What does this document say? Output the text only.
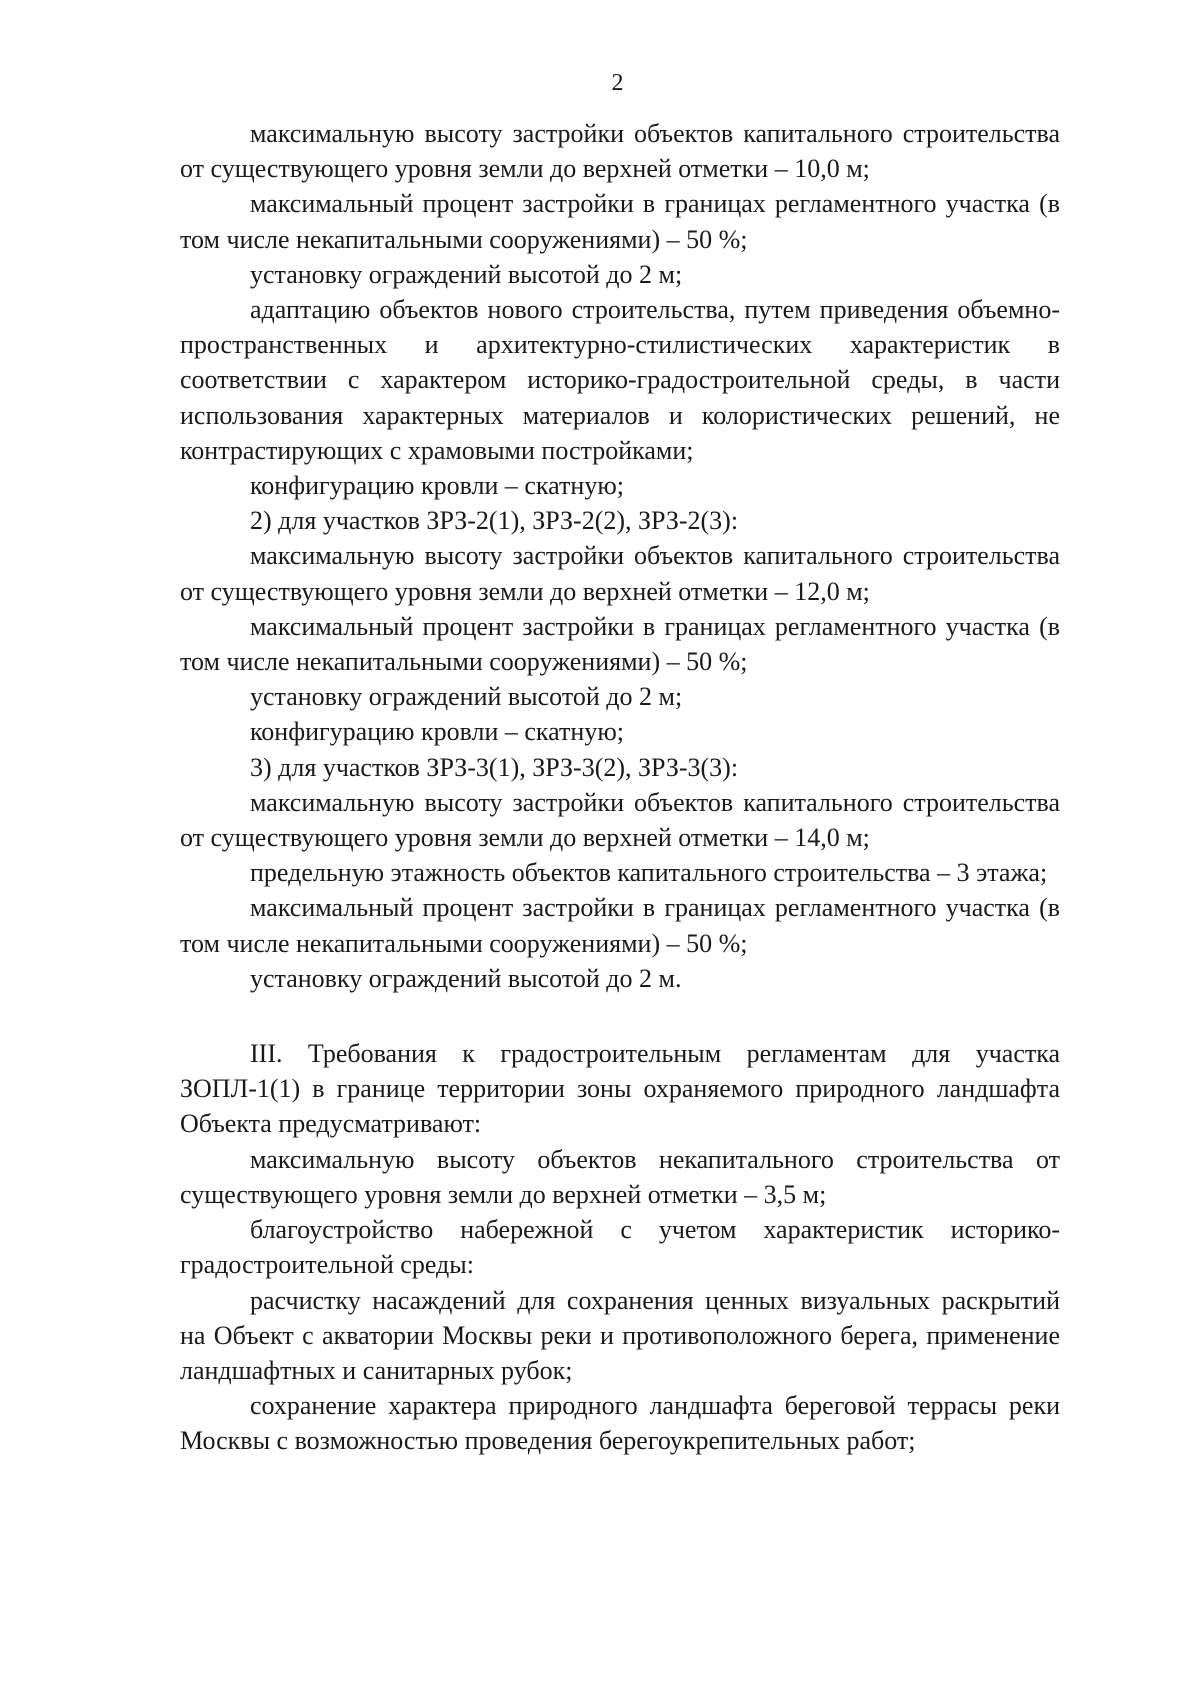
2

максимальную высоту застройки объектов капитального строительства от существующего уровня земли до верхней отметки – 10,0 м;

максимальный процент застройки в границах регламентного участка (в том числе некапитальными сооружениями) – 50 %;

установку ограждений высотой до 2 м;

адаптацию объектов нового строительства, путем приведения объемно-пространственных и архитектурно-стилистических характеристик в соответствии с характером историко-градостроительной среды, в части использования характерных материалов и колористических решений, не контрастирующих с храмовыми постройками;

конфигурацию кровли – скатную;

2) для участков ЗРЗ-2(1), ЗРЗ-2(2), ЗРЗ-2(3):

максимальную высоту застройки объектов капитального строительства от существующего уровня земли до верхней отметки – 12,0 м;

максимальный процент застройки в границах регламентного участка (в том числе некапитальными сооружениями) – 50 %;

установку ограждений высотой до 2 м;

конфигурацию кровли – скатную;

3) для участков ЗРЗ-3(1), ЗРЗ-3(2), ЗРЗ-3(3):

максимальную высоту застройки объектов капитального строительства от существующего уровня земли до верхней отметки – 14,0 м;

предельную этажность объектов капитального строительства – 3 этажа;

максимальный процент застройки в границах регламентного участка (в том числе некапитальными сооружениями) – 50 %;

установку ограждений высотой до 2 м.

III. Требования к градостроительным регламентам для участка ЗОПЛ-1(1) в границе территории зоны охраняемого природного ландшафта Объекта предусматривают:

максимальную высоту объектов некапитального строительства от существующего уровня земли до верхней отметки – 3,5 м;

благоустройство набережной с учетом характеристик историко-градостроительной среды:

расчистку насаждений для сохранения ценных визуальных раскрытий на Объект с акватории Москвы реки и противоположного берега, применение ландшафтных и санитарных рубок;

сохранение характера природного ландшафта береговой террасы реки Москвы с возможностью проведения берегоукрепительных работ;
